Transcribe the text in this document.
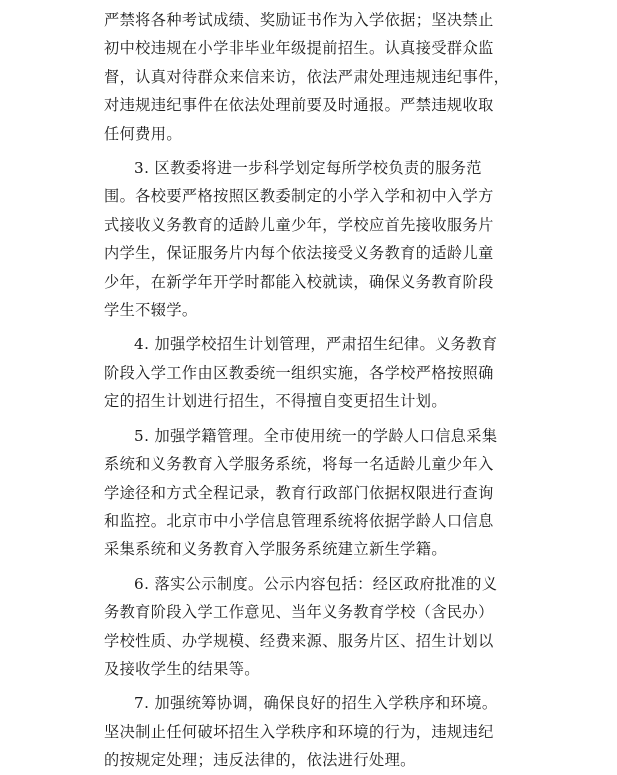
严禁将各种考试成绩、奖励证书作为入学依据；坚决禁止
初中校违规在小学非毕业年级提前招生。认真接受群众监
督，认真对待群众来信来访，依法严肃处理违规违纪事件，
对违规违纪事件在依法处理前要及时通报。严禁违规收取
任何费用。

3. 区教委将进一步科学划定每所学校负责的服务范
围。各校要严格按照区教委制定的小学入学和初中入学方
式接收义务教育的适龄儿童少年，学校应首先接收服务片
内学生，保证服务片内每个依法接受义务教育的适龄儿童
少年，在新学年开学时都能入校就读，确保义务教育阶段
学生不辍学。

4. 加强学校招生计划管理，严肃招生纪律。义务教育
阶段入学工作由区教委统一组织实施，各学校严格按照确
定的招生计划进行招生，不得擅自变更招生计划。

5. 加强学籍管理。全市使用统一的学龄人口信息采集
系统和义务教育入学服务系统，将每一名适龄儿童少年入
学途径和方式全程记录，教育行政部门依据权限进行查询
和监控。北京市中小学信息管理系统将依据学龄人口信息
采集系统和义务教育入学服务系统建立新生学籍。

6. 落实公示制度。公示内容包括：经区政府批准的义
务教育阶段入学工作意见、当年义务教育学校（含民办）
学校性质、办学规模、经费来源、服务片区、招生计划以
及接收学生的结果等。

7. 加强统筹协调，确保良好的招生入学秩序和环境。
坚决制止任何破坏招生入学秩序和环境的行为，违规违纪
的按规定处理；违反法律的，依法进行处理。
